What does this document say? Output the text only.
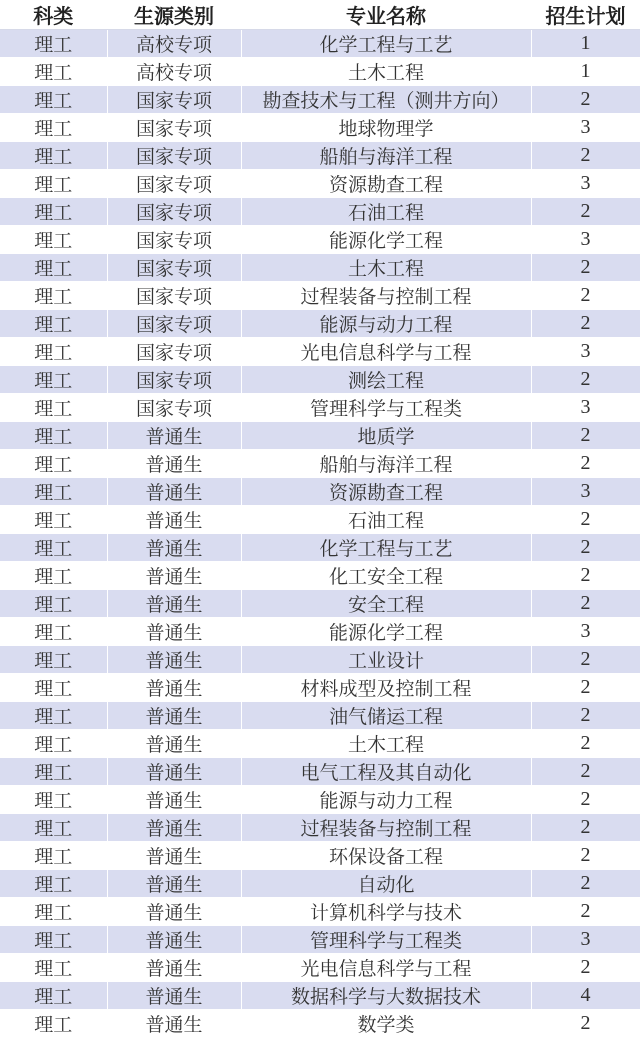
科类	生源类别	专业名称	招生计划
理工	高校专项	化学工程与工艺	1
理工	高校专项	土木工程	1
理工	国家专项	勘查技术与工程（测井方向）	2
理工	国家专项	地球物理学	3
理工	国家专项	船舶与海洋工程	2
理工	国家专项	资源勘查工程	3
理工	国家专项	石油工程	2
理工	国家专项	能源化学工程	3
理工	国家专项	土木工程	2
理工	国家专项	过程装备与控制工程	2
理工	国家专项	能源与动力工程	2
理工	国家专项	光电信息科学与工程	3
理工	国家专项	测绘工程	2
理工	国家专项	管理科学与工程类	3
理工	普通生	地质学	2
理工	普通生	船舶与海洋工程	2
理工	普通生	资源勘查工程	3
理工	普通生	石油工程	2
理工	普通生	化学工程与工艺	2
理工	普通生	化工安全工程	2
理工	普通生	安全工程	2
理工	普通生	能源化学工程	3
理工	普通生	工业设计	2
理工	普通生	材料成型及控制工程	2
理工	普通生	油气储运工程	2
理工	普通生	土木工程	2
理工	普通生	电气工程及其自动化	2
理工	普通生	能源与动力工程	2
理工	普通生	过程装备与控制工程	2
理工	普通生	环保设备工程	2
理工	普通生	自动化	2
理工	普通生	计算机科学与技术	2
理工	普通生	管理科学与工程类	3
理工	普通生	光电信息科学与工程	2
理工	普通生	数据科学与大数据技术	4
理工	普通生	数学类	2
